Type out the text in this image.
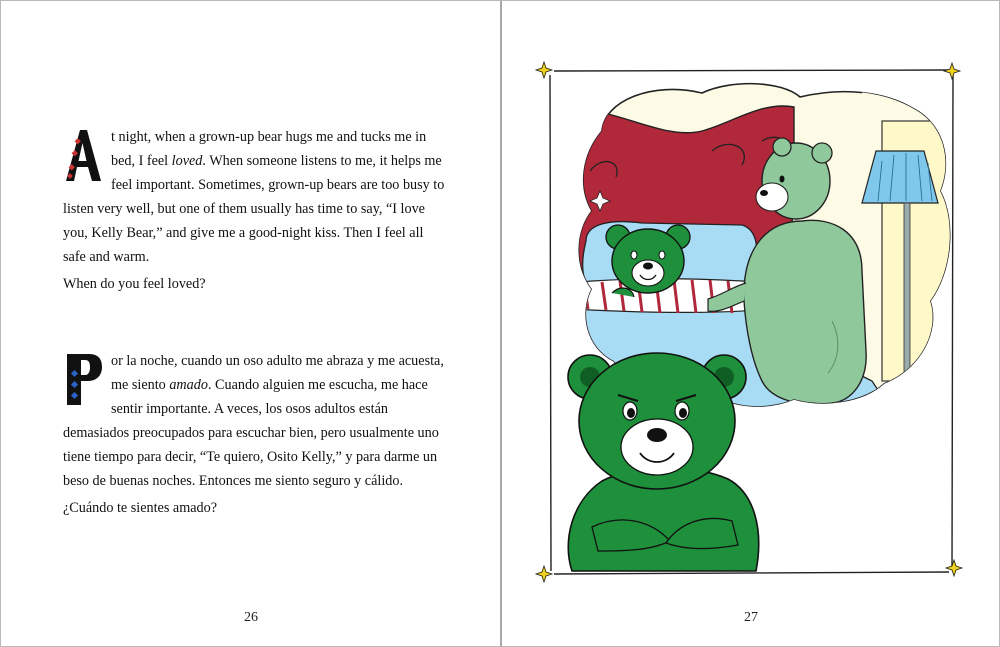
A

t night, when a grown-up bear hugs me and tucks me in bed, I feel loved. When someone listens to me, it helps me feel important. Sometimes, grown-up bears are too busy to listen very well, but one of them usually has time to say, “I love you, Kelly Bear,” and give me a good-night kiss. Then I feel all safe and warm.

When do you feel loved?

P

or la noche, cuando un oso adulto me abraza y me acuesta, me siento amado. Cuando alguien me escucha, me hace sentir importante. A veces, los osos adultos están demasiados preocupados para escuchar bien, pero usualmente uno tiene tiempo para decir, “Te quiero, Osito Kelly,” y para darme un beso de buenas noches. Entonces me siento seguro y cálido.

¿Cuándo te sientes amado?

26	27
